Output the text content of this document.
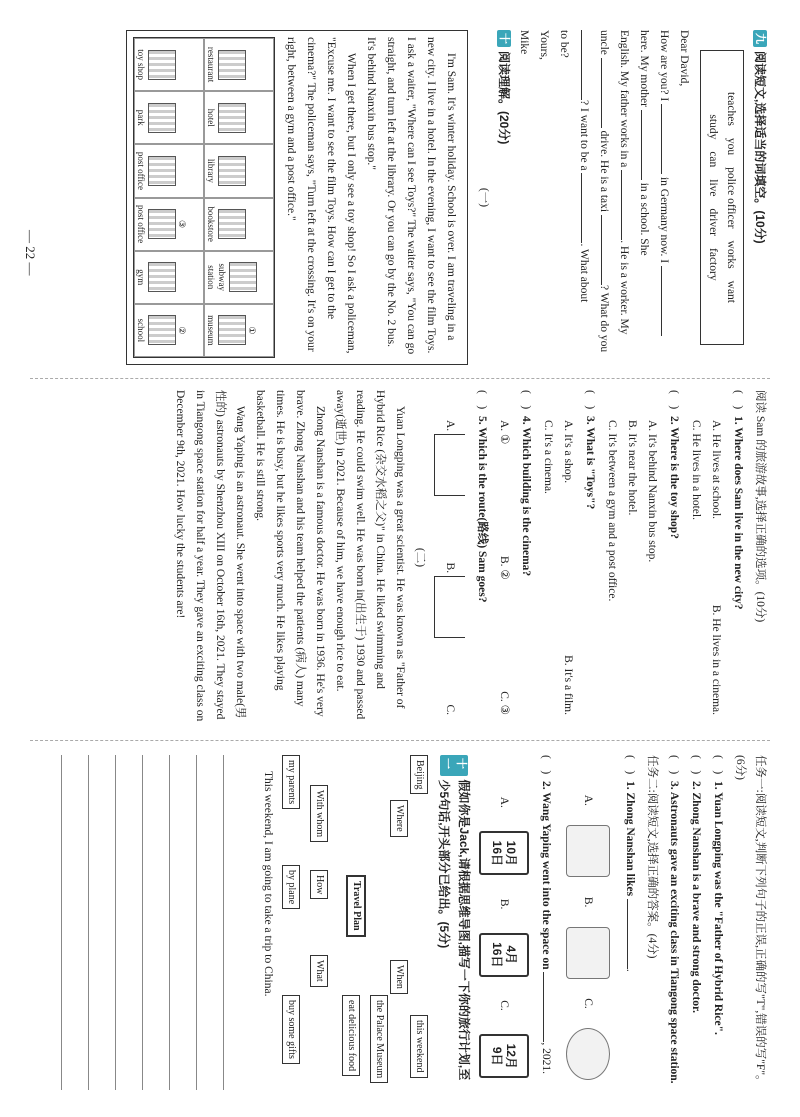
九
阅读短文,选择适当的词填空。(10分)
teachesyoupolice officerworkswant
studycanlivedriverfactory

Dear David,

How are you? I  in Germany now. I

here. My mother  in a school. She

English. My father works in a . He is a worker. My

uncle  drive. He is a taxi ? What do you

? I want to be a . What about

to be?

Yours,

Mike

十
阅读理解。(20分)
(一)

I'm Sam. It's winter holiday. School is over. I am traveling in a new city. I live in a hotel. In the evening, I want to see the film Toys. I ask a waiter, "Where can I see Toys?" The waiter says, "You can go straight, and turn left at the library. Or you can go by the No. 2 bus. It's behind Nanxin bus stop."

When I get there, but I only see a toy shop! So I ask a policeman, "Excuse me. I want to see the film Toys. How can I get to the cinema?" The policeman says, "Turn left at the crossing. It's on your right, between a gym and a post office."

restaurant
hotel
library
bookstore
subway station
①
museum
toy shop
park
post office
③
post office
gym
②
school

阅读 Sam 的旅游故事,选择正确的选项。(10分)

(　)1. Where does Sam live in the new city?
A. He lives at school.
B. He lives in a cinema.
C. He lives in a hotel.
(　)2. Where is the toy shop?
A. It's behind Nanxin bus stop.
B. It's near the hotel.
C. It's between a gym and a post office.
(　)3. What is "Toys"?
A. It's a shop.
B. It's a film.
C. It's a cinema.
(　)4. Which building is the cinema?
A. ①
B. ②
C. ③
(　)5. Which is the route(路线) Sam goes?
A.
B.
C.
(二)

Yuan Longping was a great scientist. He was known as "Father of Hybrid Rice (杂交水稻之父)" in China. He liked swimming and reading. He could swim well. He was born in(出生于) 1930 and passed away(逝世) in 2021. Because of him, we have enough rice to eat.

Zhong Nanshan is a famous doctor. He was born in 1936. He's very brave. Zhong Nanshan and his team helped the patients (病人) many times. He is busy, but he likes sports very much. He likes playing basketball. He is still strong.

Wang Yaping is an astronaut. She went into space with two male(男性的) astronauts by Shenzhou XIII on October 16th, 2021. They stayed in Tiangong space station for half a year. They gave an exciting class on December 9th, 2021. How lucky the students are!

任务一:阅读短文,判断下列句子的正误,正确的写"T",错误的写"F"。(6分)

(　)1. Yuan Longping was the "Father of Hybrid Rice".
(　)2. Zhong Nanshan is a brave and strong doctor.
(　)3. Astronauts gave an exciting class in Tiangong space station.

任务二:阅读短文,选择正确的答案。(4分)

(　)1. Zhong Nanshan likes .
A.
B.
C.
(　)2. Wang Yaping went into the space on , 2021.
A.
10月
16日
B.
4月
16日
C.
12月
9日
十一
假如你是Jack,请根据思维导图,描写一下你的旅行计划,至少5句话,开头部分已给出。(5分)
Travel Plan
When
this weekend
Where
Beijing
With whom
my parents
How
by plane
What
the Palace Museum
eat delicious food
buy some gifts

This weekend, I am going to take a trip to China.

— 22 —
